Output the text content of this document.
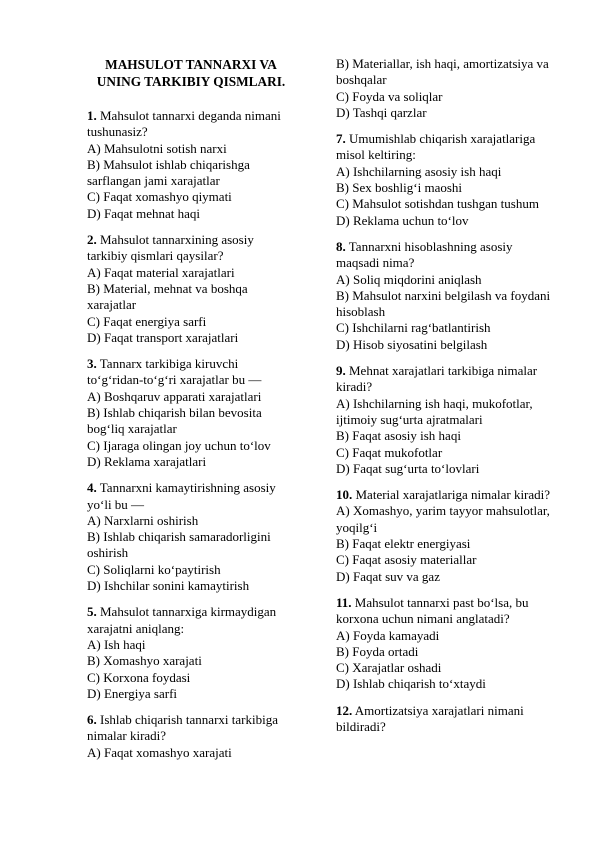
MAHSULOT TANNARXI VA UNING TARKIBIY QISMLARI.
1. Mahsulot tannarxi deganda nimani tushunasiz?
A) Mahsulotni sotish narxi
B) Mahsulot ishlab chiqarishga sarflangan jami xarajatlar
C) Faqat xomashyo qiymati
D) Faqat mehnat haqi
2. Mahsulot tannarxining asosiy tarkibiy qismlari qaysilar?
A) Faqat material xarajatlari
B) Material, mehnat va boshqa xarajatlar
C) Faqat energiya sarfi
D) Faqat transport xarajatlari
3. Tannarx tarkibiga kiruvchi to‘g‘ridan-to‘g‘ri xarajatlar bu —
A) Boshqaruv apparati xarajatlari
B) Ishlab chiqarish bilan bevosita bog‘liq xarajatlar
C) Ijaraga olingan joy uchun to‘lov
D) Reklama xarajatlari
4. Tannarxni kamaytirishning asosiy yo‘li bu —
A) Narxlarni oshirish
B) Ishlab chiqarish samaradorligini oshirish
C) Soliqlarni ko‘paytirish
D) Ishchilar sonini kamaytirish
5. Mahsulot tannarxiga kirmaydigan xarajatni aniqlang:
A) Ish haqi
B) Xomashyo xarajati
C) Korxona foydasi
D) Energiya sarfi
6. Ishlab chiqarish tannarxi tarkibiga nimalar kiradi?
A) Faqat xomashyo xarajati
B) Materiallar, ish haqi, amortizatsiya va boshqalar
C) Foyda va soliqlar
D) Tashqi qarzlar
7. Umumishlab chiqarish xarajatlariga misol keltiring:
A) Ishchilarning asosiy ish haqi
B) Sex boshlig‘i maoshi
C) Mahsulot sotishdan tushgan tushum
D) Reklama uchun to‘lov
8. Tannarxni hisoblashning asosiy maqsadi nima?
A) Soliq miqdorini aniqlash
B) Mahsulot narxini belgilash va foydani hisoblash
C) Ishchilarni rag‘batlantirish
D) Hisob siyosatini belgilash
9. Mehnat xarajatlari tarkibiga nimalar kiradi?
A) Ishchilarning ish haqi, mukofotlar, ijtimoiy sug‘urta ajratmalari
B) Faqat asosiy ish haqi
C) Faqat mukofotlar
D) Faqat sug‘urta to‘lovlari
10. Material xarajatlariga nimalar kiradi?
A) Xomashyo, yarim tayyor mahsulotlar, yoqilg‘i
B) Faqat elektr energiyasi
C) Faqat asosiy materiallar
D) Faqat suv va gaz
11. Mahsulot tannarxi past bo‘lsa, bu korxona uchun nimani anglatadi?
A) Foyda kamayadi
B) Foyda ortadi
C) Xarajatlar oshadi
D) Ishlab chiqarish to‘xtaydi
12. Amortizatsiya xarajatlari nimani bildiradi?
